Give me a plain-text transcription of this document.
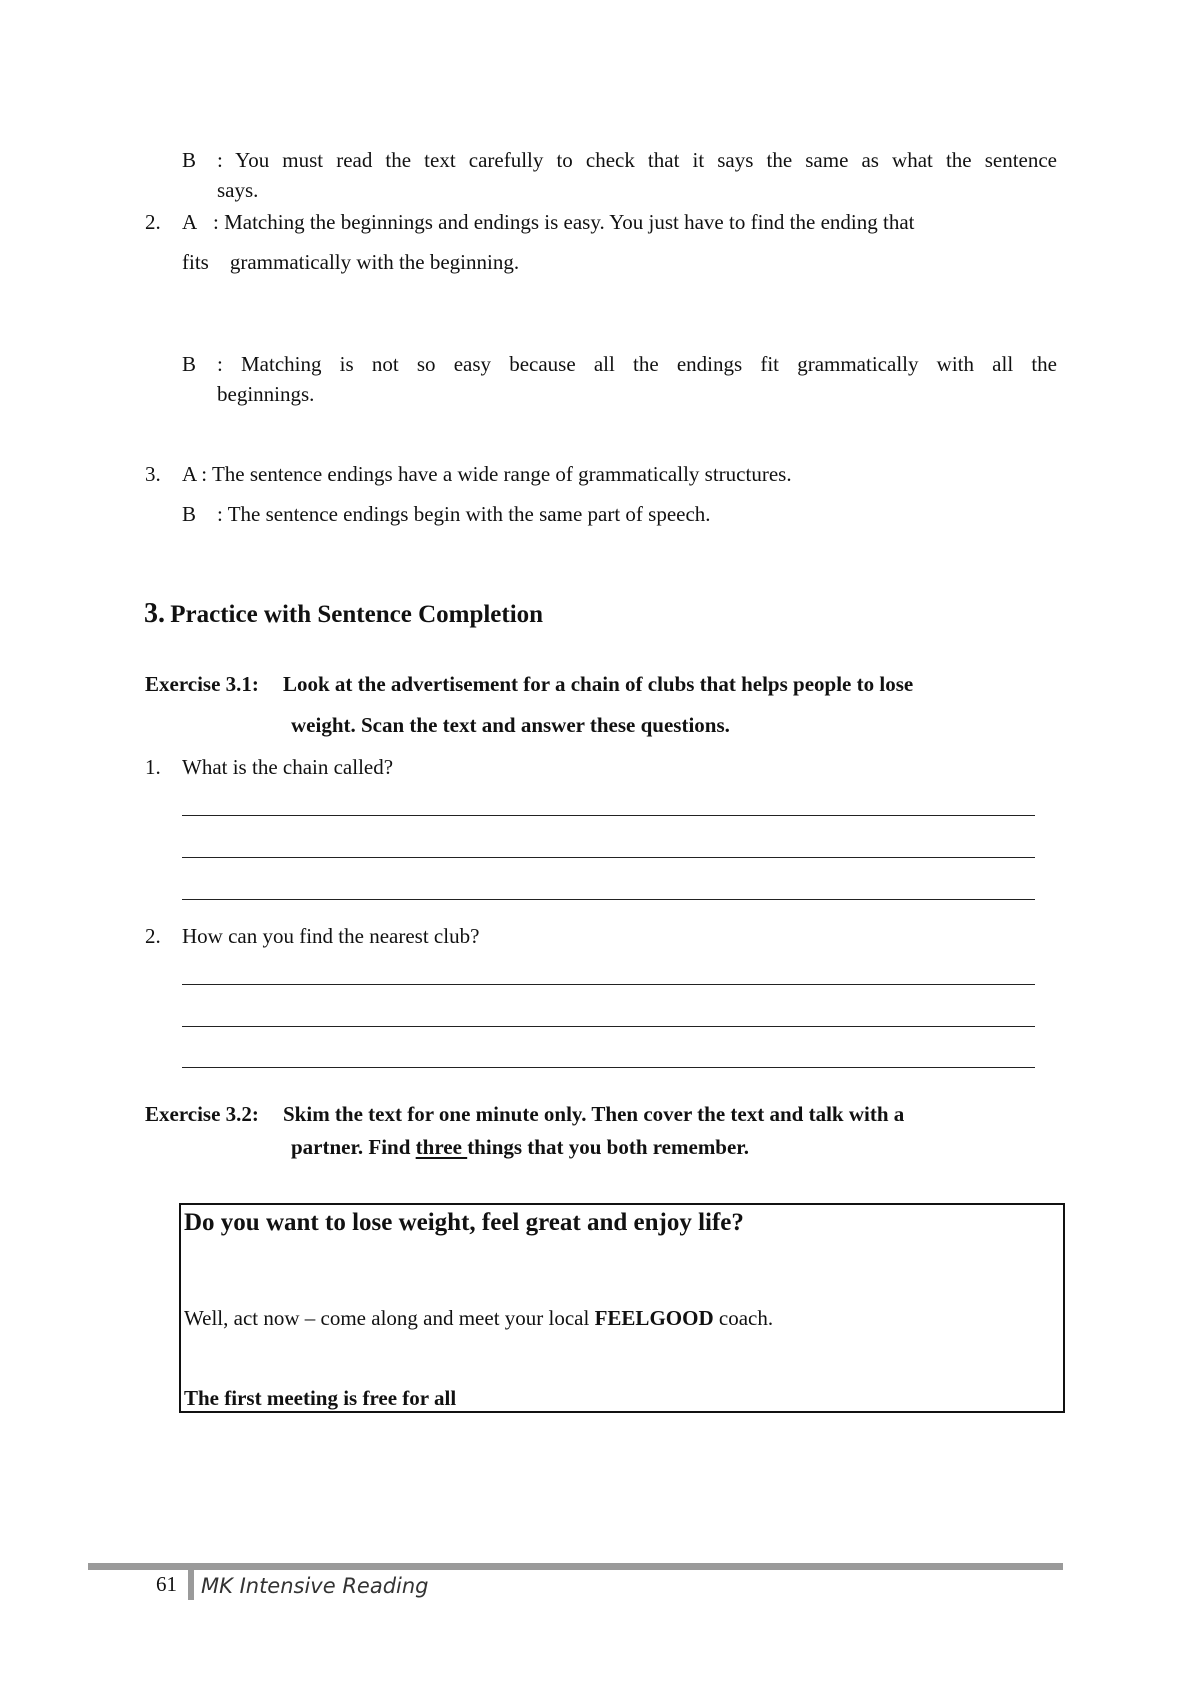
B : You must read the text carefully to check that it says the same as what the sentence
says.
2. A : Matching the beginnings and endings is easy. You just have to find the ending that
fits    grammatically with the beginning.
B : Matching is not so easy because all the endings fit grammatically with all the
beginnings.
3. A : The sentence endings have a wide range of grammatically structures.
B : The sentence endings begin with the same part of speech.
3. Practice with Sentence Completion
Exercise 3.1: Look at the advertisement for a chain of clubs that helps people to lose
weight. Scan the text and answer these questions.
1. What is the chain called?
2. How can you find the nearest club?
Exercise 3.2: Skim the text for one minute only. Then cover the text and talk with a
partner. Find three things that you both remember.
Do you want to lose weight, feel great and enjoy life?
Well, act now – come along and meet your local FEELGOOD coach.
The first meeting is free for all
61 MK Intensive Reading
